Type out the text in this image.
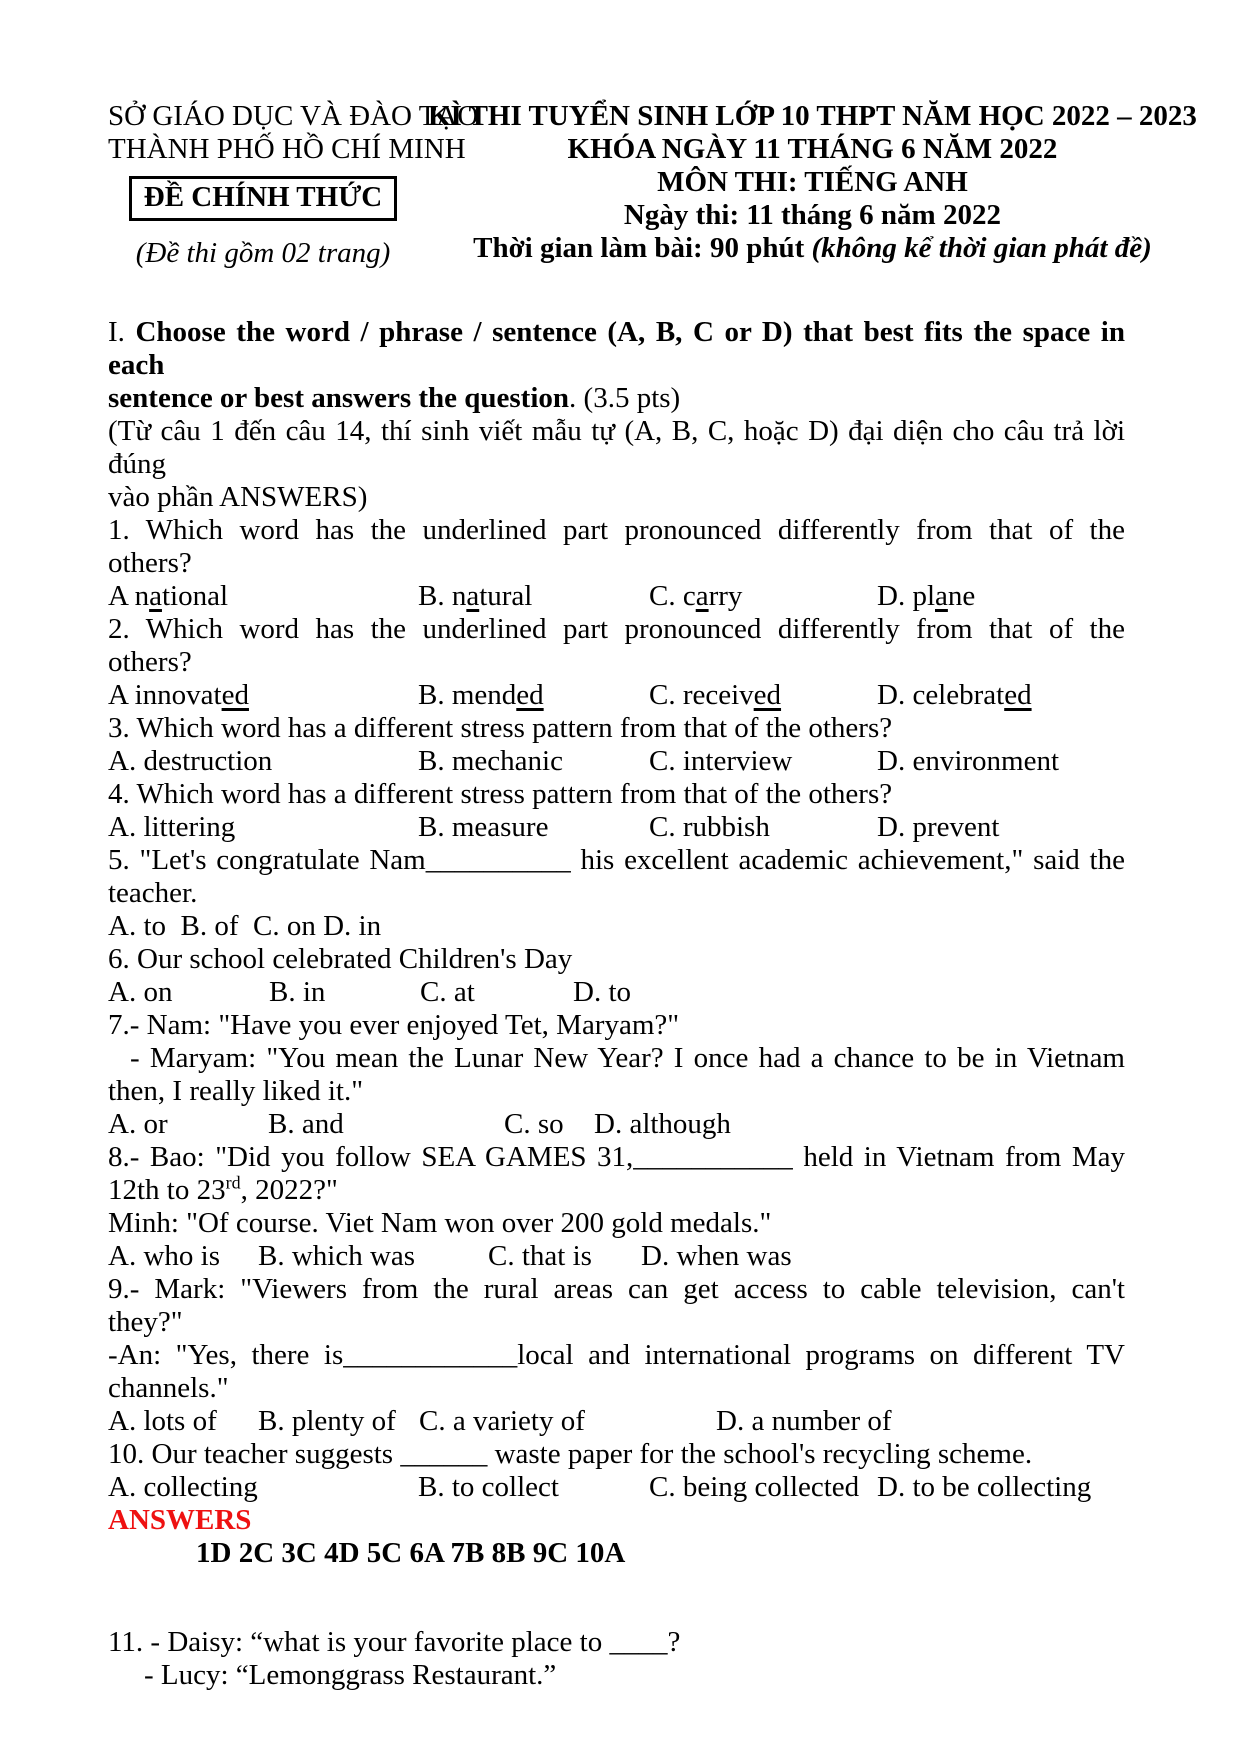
SỞ GIÁO DỤC VÀ ĐÀO TẠO
THÀNH PHỐ HỒ CHÍ MINH
ĐỀ CHÍNH THỨC
(Đề thi gồm 02 trang)
KÌ THI TUYỂN SINH LỚP 10 THPT NĂM HỌC 2022 – 2023
KHÓA NGÀY 11 THÁNG 6 NĂM 2022
MÔN THI: TIẾNG ANH
Ngày thi: 11 tháng 6 năm 2022
Thời gian làm bài: 90 phút (không kể thời gian phát đề)
I. Choose the word / phrase / sentence (A, B, C or D) that best fits the space in each
sentence or best answers the question. (3.5 pts)
(Từ câu 1 đến câu 14, thí sinh viết mẫu tự (A, B, C, hoặc D) đại diện cho câu trả lời đúng
vào phần ANSWERS)
1. Which word has the underlined part pronounced differently from that of the
others?
A national	B. natural	C. carry	D. plane
2. Which word has the underlined part pronounced differently from that of the
others?
A innovated	B. mended	C. received	D. celebrated
3. Which word has a different stress pattern from that of the others?
A. destruction	B. mechanic	C. interview	D. environment
4. Which word has a different stress pattern from that of the others?
A. littering	B. measure	C. rubbish	D. prevent
5. "Let's congratulate Nam__________ his excellent academic achievement," said the
teacher.
A. to  B. of  C. on D. in
6. Our school celebrated Children's Day
A. on	B. in	C. at	D. to
7.- Nam: "Have you ever enjoyed Tet, Maryam?"
- Maryam: "You mean the Lunar New Year? I once had a chance to be in Vietnam
then, I really liked it."
A. or	B. and	C. so	D. although
8.- Bao: "Did you follow SEA GAMES 31,___________ held in Vietnam from May
12th to 23rd, 2022?"
Minh: "Of course. Viet Nam won over 200 gold medals."
A. who is	B. which was	C. that is	D. when was
9.- Mark: "Viewers from the rural areas can get access to cable television, can't
they?"
-An: "Yes, there is____________local and international programs on different TV
channels."
A. lots of	B. plenty of C. a variety of	D. a number of
10. Our teacher suggests ______ waste paper for the school's recycling scheme.
A. collecting	B. to collect	C. being collected D. to be collecting
ANSWERS
1D 2C 3C 4D 5C 6A 7B 8B 9C 10A
11. - Daisy: “what is your favorite place to ____?
- Lucy: “Lemonggrass Restaurant.”
